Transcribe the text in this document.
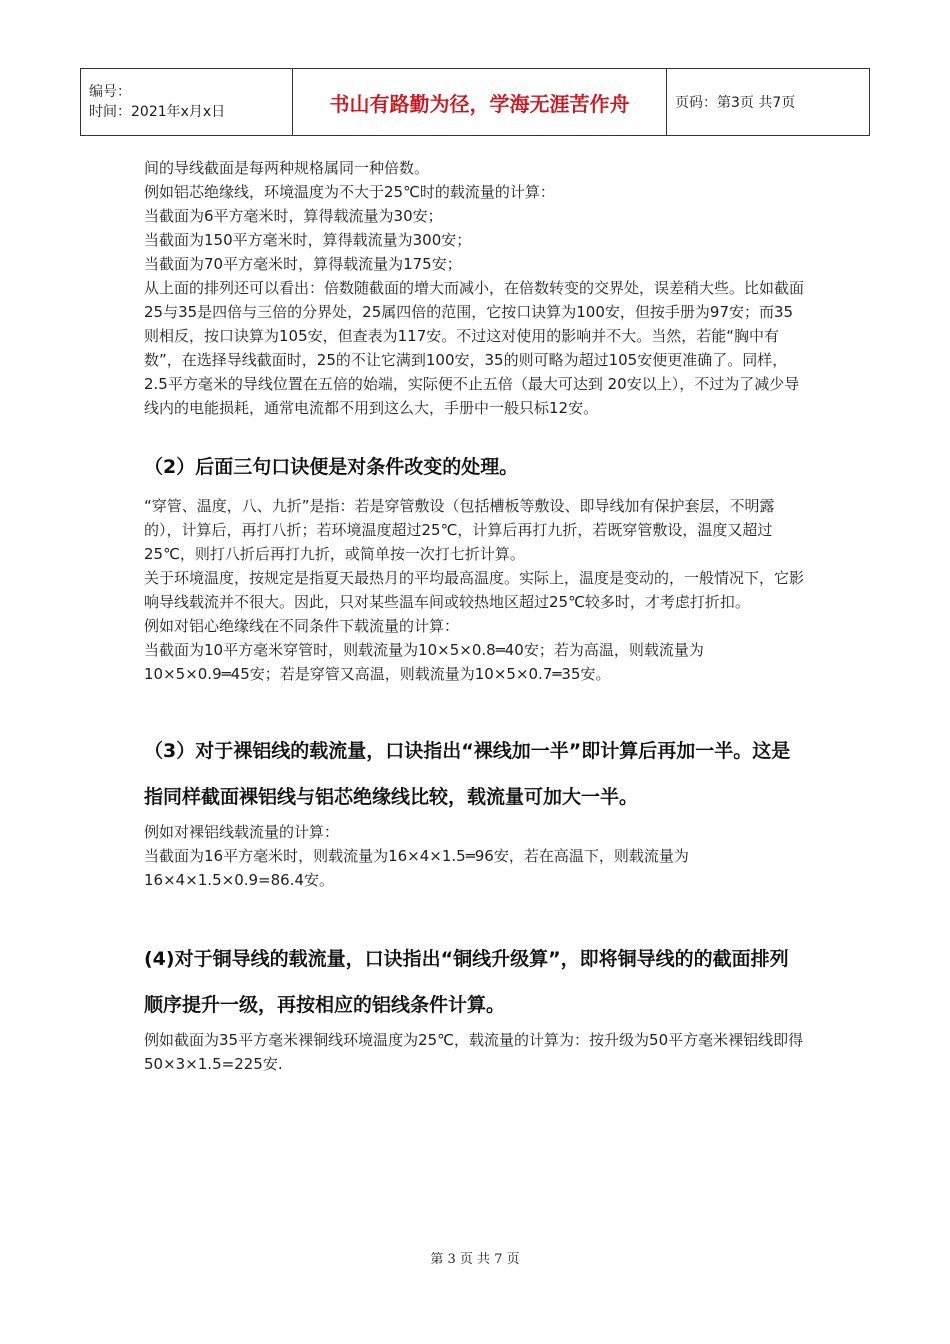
编号：
时间：2021年x月x日	书山有路勤为径，学海无涯苦作舟	页码：第3页 共7页

间的导线截面是每两种规格属同一种倍数。

例如铝芯绝缘线，环境温度为不大于25℃时的载流量的计算：

当截面为6平方毫米时，算得载流量为30安；

当截面为150平方毫米时，算得载流量为300安；

当截面为70平方毫米时，算得载流量为175安；

从上面的排列还可以看出：倍数随截面的增大而减小，在倍数转变的交界处，误差稍大些。比如截面25与35是四倍与三倍的分界处，25属四倍的范围，它按口诀算为100安，但按手册为97安；而35则相反，按口诀算为105安，但查表为117安。不过这对使用的影响并不大。当然，若能“胸中有数”，在选择导线截面时，25的不让它满到100安，35的则可略为超过105安便更准确了。同样，2.5平方毫米的导线位置在五倍的始端，实际便不止五倍（最大可达到 20安以上），不过为了减少导线内的电能损耗，通常电流都不用到这么大，手册中一般只标12安。

（2）后面三句口诀便是对条件改变的处理。

“穿管、温度，八、九折”是指：若是穿管敷设（包括槽板等敷设、即导线加有保护套层，不明露的），计算后，再打八折；若环境温度超过25℃，计算后再打九折，若既穿管敷设，温度又超过25℃，则打八折后再打九折，或简单按一次打七折计算。

关于环境温度，按规定是指夏天最热月的平均最高温度。实际上，温度是变动的，一般情况下，它影响导线载流并不很大。因此，只对某些温车间或较热地区超过25℃较多时，才考虑打折扣。

例如对铝心绝缘线在不同条件下载流量的计算：

当截面为10平方毫米穿管时，则载流量为10×5×0.8═40安；若为高温，则载流量为10×5×0.9═45安；若是穿管又高温，则载流量为10×5×0.7═35安。

（3）对于裸铝线的载流量，口诀指出“裸线加一半”即计算后再加一半。这是指同样截面裸铝线与铝芯绝缘线比较，载流量可加大一半。

例如对裸铝线载流量的计算：

当截面为16平方毫米时，则载流量为16×4×1.5═96安，若在高温下，则载流量为16×4×1.5×0.9=86.4安。

(4)对于铜导线的载流量，口诀指出“铜线升级算”，即将铜导线的的截面排列顺序提升一级，再按相应的铝线条件计算。

例如截面为35平方毫米裸铜线环境温度为25℃，载流量的计算为：按升级为50平方毫米裸铝线即得50×3×1.5=225安.

第 3 页 共 7 页
